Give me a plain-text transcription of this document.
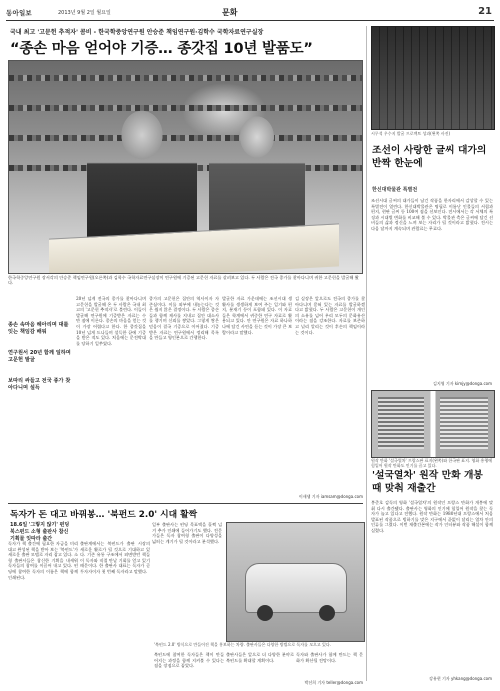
동아일보	2013년 9월 2일 월요일	문화	21
국내 최고 '고문헌 추적자' 콤비 - 한국학중앙연구원 안승준 책임연구원·김학수 국학자료연구실장
“종손 마음 얻어야 기증… 종갓집 10년 발품도”
한국학중앙연구원 장서각의 안승준 책임연구원(오른쪽)과 김학수 국학자료연구실장이 연구원에 기증된 고문헌 자료를 살펴보고 있다. 두 사람은 전국 종가를 찾아다니며 귀한 고문헌을 발굴해 왔다.
종손 속마음 헤아리며 대를 잇는 책임감 배워
연구원서 20년 함께 일하며 고문헌 발굴
보따리 싸들고 전국 종가 찾아다니며 설득
20년 넘게 전국의 종가를 찾아다니며 고문헌을 발굴해 온 두 사람은 국내 최고의 '고문헌 추적자'로 불린다. 이들이 발굴해 연구원에 기증받은 자료는 수만 점에 이른다. 종손의 마음을 얻는 것이 가장 어렵다고 한다. 한 종갓집을 10년 넘게 드나들며 설득한 끝에 기증을 받은 적도 있다. 처음에는 문전박대를 당하기 일쑤였다.
종가의 고문헌은 집안의 역사이자 자존심이다. 이를 외부에 내놓는다는 것은 쉽지 않은 결정이다. 두 사람은 종손들과 함께 제사를 지내고 집안 대소사를 챙기며 신뢰를 쌓았다. 그렇게 쌓은 믿음이 결국 기증으로 이어졌다. 기증받은 자료는 연구원에서 정리해 목록을 만들고 영인본으로 간행한다.
발굴한 자료 가운데에는 조선시대 생활사를 생생하게 보여 주는 일기와 편지, 분재기 등이 포함돼 있다. 이 자료들은 학계에서 귀중한 연구 자료로 활용되고 있다. 안 연구원은 자료 하나하나에 담긴 사연을 듣는 것이 가장 큰 보람이라고 말했다.
김 실장은 앞으로도 전국의 종가를 찾아다니며 묻혀 있는 자료를 발굴하겠다고 밝혔다. 두 사람은 고문헌이 개인의 소유를 넘어 우리 모두의 문화유산이라는 점을 강조한다. 자료를 보존하고 널리 알리는 것이 후손의 책임이라는 것이다.
이새샘 기자 iamsam@donga.com
독자가 돈 대고 바꿔봉… '북펀드 2.0' 시대 활짝
18.6일 '그렇지 않기' 펀딩 북스펀드 소형 출판사 참신 기획물 잇따라 출간
독자가 책 출간에 필요한 자금을 미리 대고 완성된 책을 받아 보는 '북펀드'가 새로운 출판 모델로 자리 잡고 있다. 소형 출판사들은 참신한 기획을 내세워 독자들의 참여를 이끌어 내고 있다. 펀딩에 참여한 독자의 이름은 책에 함께 인쇄된다.
출판계에서는 북펀드가 출판 시장의 새로운 활로가 될 것으로 기대하고 있다. 기존 유통 구조에서 외면받던 책들이 독자와 직접 만날 기회를 얻고 있기 때문이다. 한 출판사 대표는 독자가 곧 투자자이자 첫 번째 독자라고 말했다.
일부 출판사는 펀딩 목표액을 훌쩍 넘겨 추가 인쇄에 들어가기도 했다. 전문가들은 독자 참여형 출판이 다양성을 넓히는 계기가 될 것이라고 분석했다.
'북펀드 2.0' 방식으로 만들어진 책을 홍보하는 차량. 출판사들은 다양한 방법으로 독자를 모으고 있다.
북펀드에 참여한 독자들은 책이 만들어지는 과정을 함께 지켜볼 수 있다는 점을 장점으로 꼽았다.
출판사들은 앞으로 더 다양한 분야로 북펀드를 확대할 계획이다.
독자와 출판사가 함께 만드는 책 문화가 확산될 전망이다.
박선희 기자 teller@donga.com
시무석 우수지 발굴 프로젝트 성과(왼쪽 사진)
조선이 사랑한 글씨 대가의 반짝 한눈에
한신대박물관 특별전
조선시대 글씨의 대가들이 남긴 작품을 한자리에서 감상할 수 있는 특별전이 열린다. 한신대박물관은 명필로 이름난 인물들의 서첩과 편지, 현판 글씨 등 100여 점을 선보인다. 전시에서는 각 서체의 특징과 시대별 변화를 비교해 볼 수 있다. 박물관 측은 글씨에 담긴 선비들의 삶과 정신을 느껴 보는 자리가 될 것이라고 밝혔다. 전시는 다음 달까지 계속되며 관람료는 무료다.
김지영 기자 kimjy@donga.com
원작 만화 '설국열차' 프랑스판 표지(왼쪽)와 한국판 표지. 영화 흥행에 힘입어 원작 만화도 인기를 끌고 있다.
'설국열차' 원작 만화 개봉 때 맞춰 재출간
봉준호 감독의 영화 '설국열차'의 원작인 프랑스 만화가 개봉에 맞춰 다시 출간됐다. 출판사는 영화의 인기에 힘입어 원작을 찾는 독자가 늘고 있다고 전했다. 원작 만화는 1980년대 프랑스에서 처음 발표된 작품으로 빙하기를 맞은 지구에서 끝없이 달리는 열차 안의 인류를 그렸다. 이번 재출간본에는 작가 인터뷰와 작품 해설이 함께 실렸다.
강유현 기자 yhkang@donga.com
